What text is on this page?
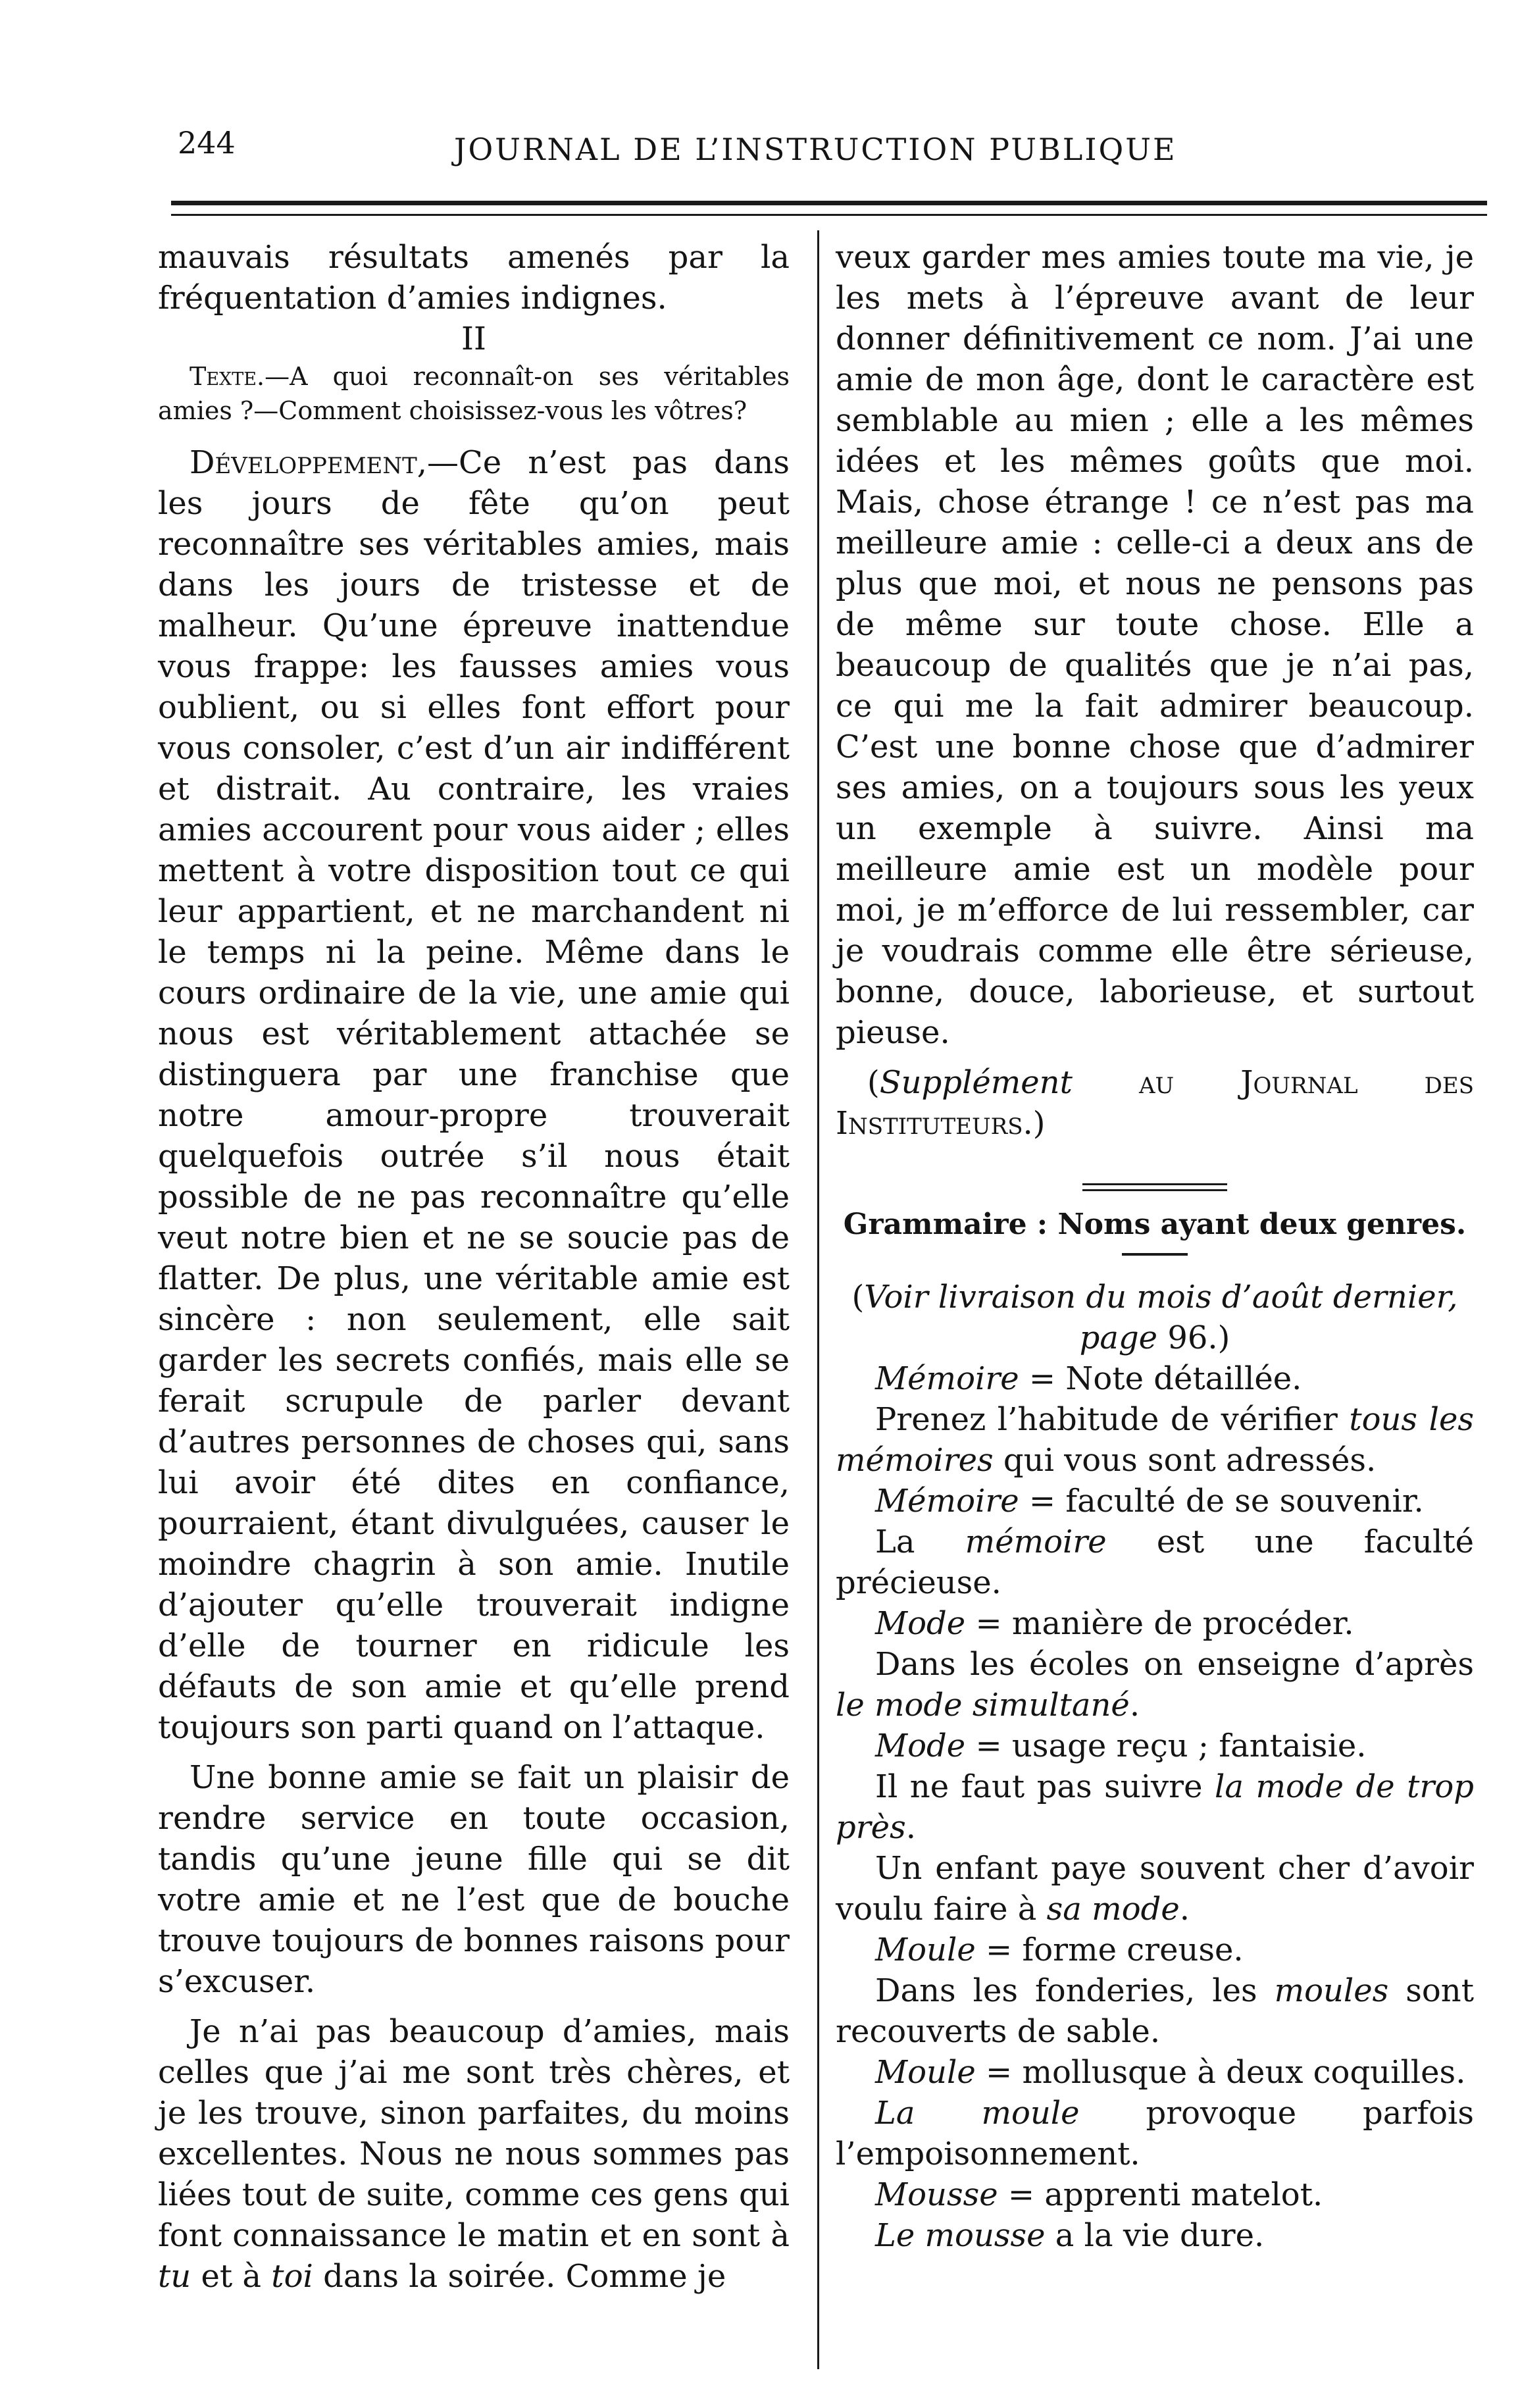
244	JOURNAL DE L’INSTRUCTION PUBLIQUE

mauvais résultats amenés par la fréquentation d’amies indignes.

II

Texte.—A quoi reconnaît-on ses véritables amies ?—Comment choisissez-vous les vôtres?

Développement,—Ce n’est pas dans les jours de fête qu’on peut reconnaître ses véritables amies, mais dans les jours de tristesse et de malheur. Qu’une épreuve inattendue vous frappe: les fausses amies vous oublient, ou si elles font effort pour vous consoler, c’est d’un air indifférent et distrait. Au contraire, les vraies amies accourent pour vous aider ; elles mettent à votre disposition tout ce qui leur appartient, et ne marchandent ni le temps ni la peine. Même dans le cours ordinaire de la vie, une amie qui nous est véritablement attachée se distinguera par une franchise que notre amour-propre trouverait quelquefois outrée s’il nous était possible de ne pas reconnaître qu’elle veut notre bien et ne se soucie pas de flatter. De plus, une véritable amie est sincère : non seulement, elle sait garder les secrets confiés, mais elle se ferait scrupule de parler devant d’autres personnes de choses qui, sans lui avoir été dites en confiance, pourraient, étant divulguées, causer le moindre chagrin à son amie. Inutile d’ajouter qu’elle trouverait indigne d’elle de tourner en ridicule les défauts de son amie et qu’elle prend toujours son parti quand on l’attaque.

Une bonne amie se fait un plaisir de rendre service en toute occasion, tandis qu’une jeune fille qui se dit votre amie et ne l’est que de bouche trouve toujours de bonnes raisons pour s’excuser.

Je n’ai pas beaucoup d’amies, mais celles que j’ai me sont très chères, et je les trouve, sinon parfaites, du moins excellentes. Nous ne nous sommes pas liées tout de suite, comme ces gens qui font connaissance le matin et en sont à tu et à toi dans la soirée. Comme je

veux garder mes amies toute ma vie, je les mets à l’épreuve avant de leur donner définitivement ce nom. J’ai une amie de mon âge, dont le caractère est semblable au mien ; elle a les mêmes idées et les mêmes goûts que moi. Mais, chose étrange ! ce n’est pas ma meilleure amie : celle-ci a deux ans de plus que moi, et nous ne pensons pas de même sur toute chose. Elle a beaucoup de qualités que je n’ai pas, ce qui me la fait admirer beaucoup. C’est une bonne chose que d’admirer ses amies, on a toujours sous les yeux un exemple à suivre. Ainsi ma meilleure amie est un modèle pour moi, je m’efforce de lui ressembler, car je voudrais comme elle être sérieuse, bonne, douce, laborieuse, et surtout pieuse.

(Supplément au Journal des Instituteurs.)

Grammaire : Noms ayant deux genres.

(Voir livraison du mois d’août dernier, page 96.)

Mémoire = Note détaillée.

Prenez l’habitude de vérifier tous les mémoires qui vous sont adressés.

Mémoire = faculté de se souvenir.

La mémoire est une faculté précieuse.

Mode = manière de procéder.

Dans les écoles on enseigne d’après le mode simultané.

Mode = usage reçu ; fantaisie.

Il ne faut pas suivre la mode de trop près.

Un enfant paye souvent cher d’avoir voulu faire à sa mode.

Moule = forme creuse.

Dans les fonderies, les moules sont recouverts de sable.

Moule = mollusque à deux coquilles.

La moule provoque parfois l’empoisonnement.

Mousse = apprenti matelot.

Le mousse a la vie dure.
